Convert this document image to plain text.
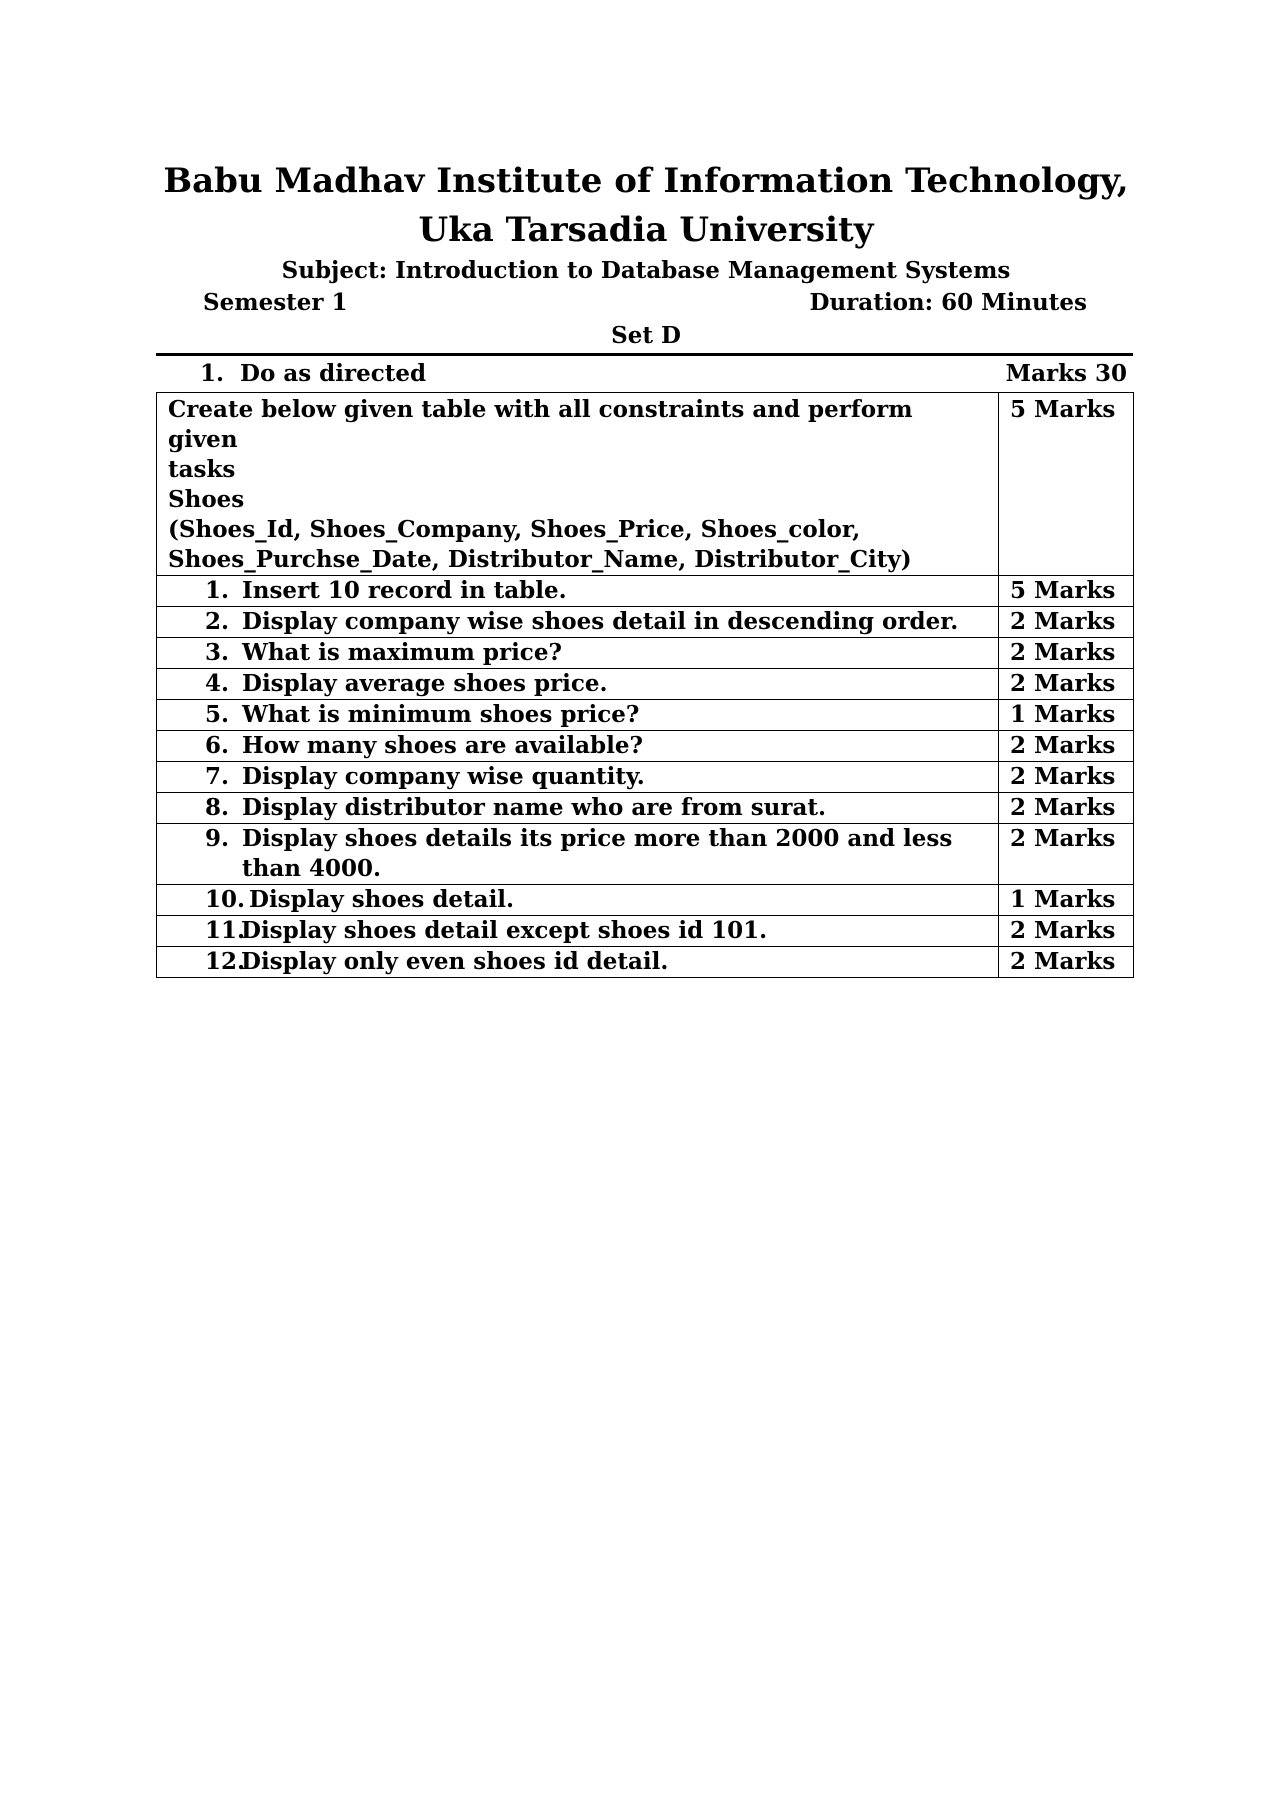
Babu Madhav Institute of Information Technology,
Uka Tarsadia University
Subject: Introduction to Database Management Systems
Semester 1	Duration: 60 Minutes
Set D
1.  Do as directed	Marks 30
Create below given table with all constraints and perform given
tasks
Shoes
(Shoes_Id, Shoes_Company, Shoes_Price, Shoes_color,
Shoes_Purchse_Date, Distributor_Name, Distributor_City)	5 Marks

1. Insert 10 record in table.	5 Marks

2. Display company wise shoes detail in descending order.	2 Marks

3. What is maximum price?	2 Marks

4. Display average shoes price.	2 Marks

5. What is minimum shoes price?	1 Marks

6. How many shoes are available?	2 Marks

7. Display company wise quantity.	2 Marks

8. Display distributor name who are from surat.	2 Marks

9. Display shoes details its price more than 2000 and less than 4000.	2 Marks

10. Display shoes detail.	1 Marks

11.
Display shoes detail except shoes id 101.	2 Marks

12.
Display only even shoes id detail.	2 Marks
